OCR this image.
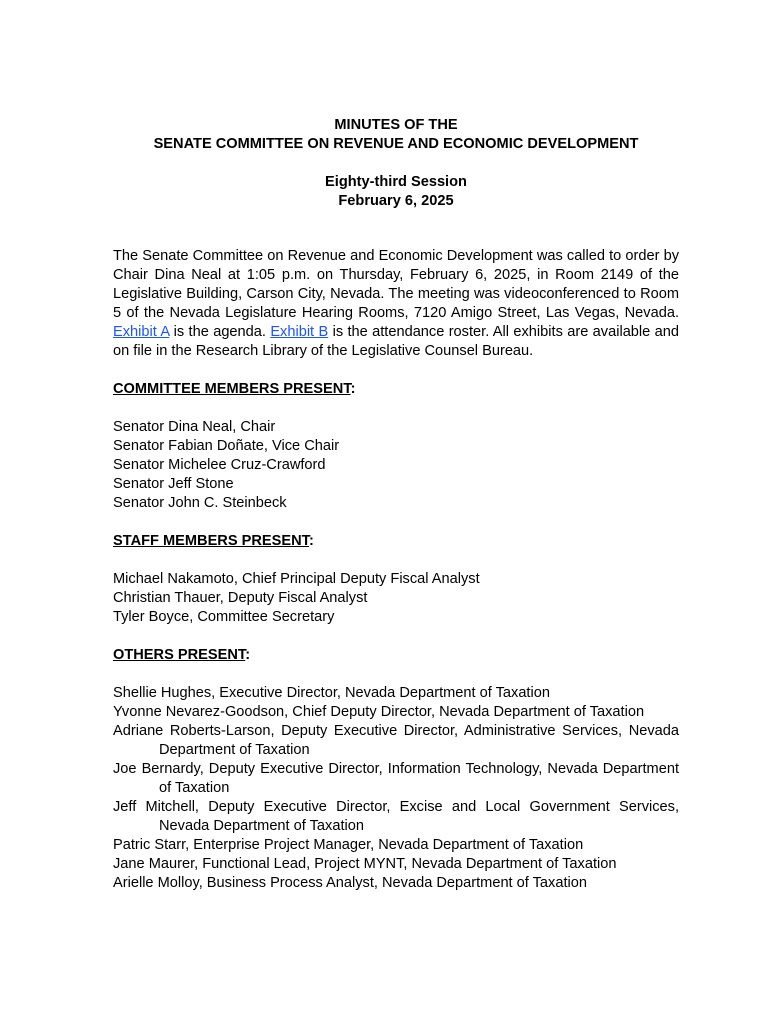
MINUTES OF THE

SENATE COMMITTEE ON REVENUE AND ECONOMIC DEVELOPMENT

Eighty-third Session

February 6, 2025

The Senate Committee on Revenue and Economic Development was called to order by Chair Dina Neal at 1:05 p.m. on Thursday, February 6, 2025, in Room 2149 of the Legislative Building, Carson City, Nevada. The meeting was videoconferenced to Room 5 of the Nevada Legislature Hearing Rooms, 7120 Amigo Street, Las Vegas, Nevada. Exhibit A is the agenda. Exhibit B is the attendance roster. All exhibits are available and on file in the Research Library of the Legislative Counsel Bureau.

COMMITTEE MEMBERS PRESENT:
Senator Dina Neal, Chair
Senator Fabian Doñate, Vice Chair
Senator Michelee Cruz-Crawford
Senator Jeff Stone
Senator John C. Steinbeck
STAFF MEMBERS PRESENT:
Michael Nakamoto, Chief Principal Deputy Fiscal Analyst
Christian Thauer, Deputy Fiscal Analyst
Tyler Boyce, Committee Secretary
OTHERS PRESENT:
Shellie Hughes, Executive Director, Nevada Department of Taxation
Yvonne Nevarez-Goodson, Chief Deputy Director, Nevada Department of Taxation
Adriane Roberts-Larson, Deputy Executive Director, Administrative Services, Nevada Department of Taxation
Joe Bernardy, Deputy Executive Director, Information Technology, Nevada Department of Taxation
Jeff Mitchell, Deputy Executive Director, Excise and Local Government Services, Nevada Department of Taxation
Patric Starr, Enterprise Project Manager, Nevada Department of Taxation
Jane Maurer, Functional Lead, Project MYNT, Nevada Department of Taxation
Arielle Molloy, Business Process Analyst, Nevada Department of Taxation
